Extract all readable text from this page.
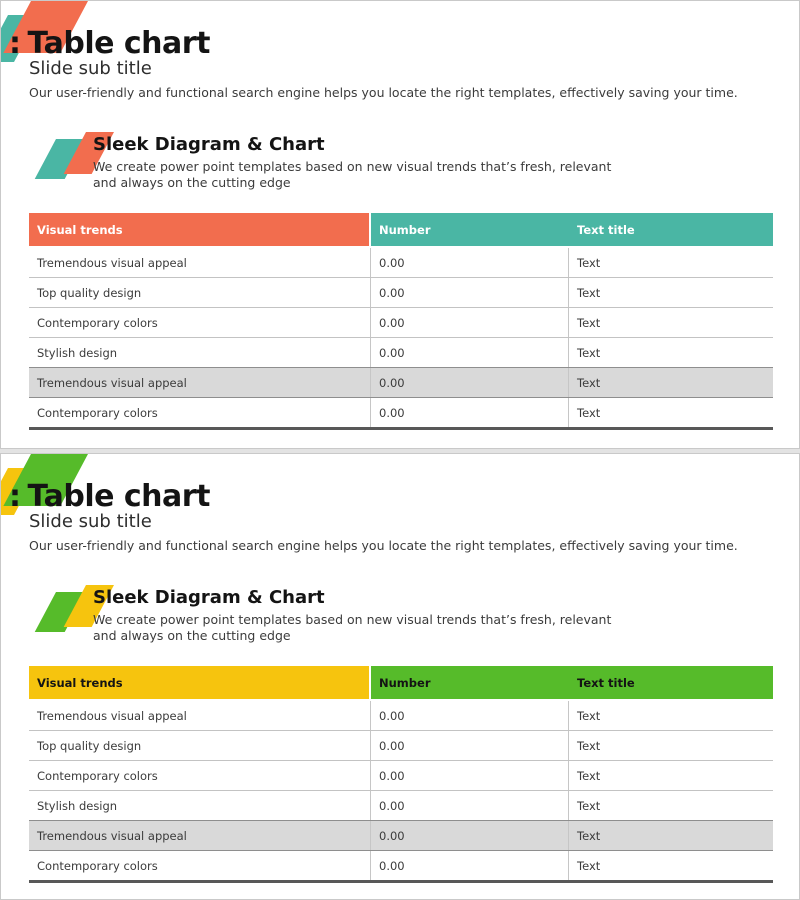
: Table chart
Slide sub title
Our user-friendly and functional search engine helps you locate the right templates, effectively saving your time.
Sleek Diagram & Chart
We create power point templates based on new visual trends that’s fresh, relevant
and always on the cutting edge
Visual trends	Number	Text title
Tremendous visual appeal	0.00	Text
Top quality design	0.00	Text
Contemporary colors	0.00	Text
Stylish design	0.00	Text
Tremendous visual appeal	0.00	Text
Contemporary colors	0.00	Text
: Table chart
Slide sub title
Our user-friendly and functional search engine helps you locate the right templates, effectively saving your time.
Sleek Diagram & Chart
We create power point templates based on new visual trends that’s fresh, relevant
and always on the cutting edge
Visual trends	Number	Text title
Tremendous visual appeal	0.00	Text
Top quality design	0.00	Text
Contemporary colors	0.00	Text
Stylish design	0.00	Text
Tremendous visual appeal	0.00	Text
Contemporary colors	0.00	Text
